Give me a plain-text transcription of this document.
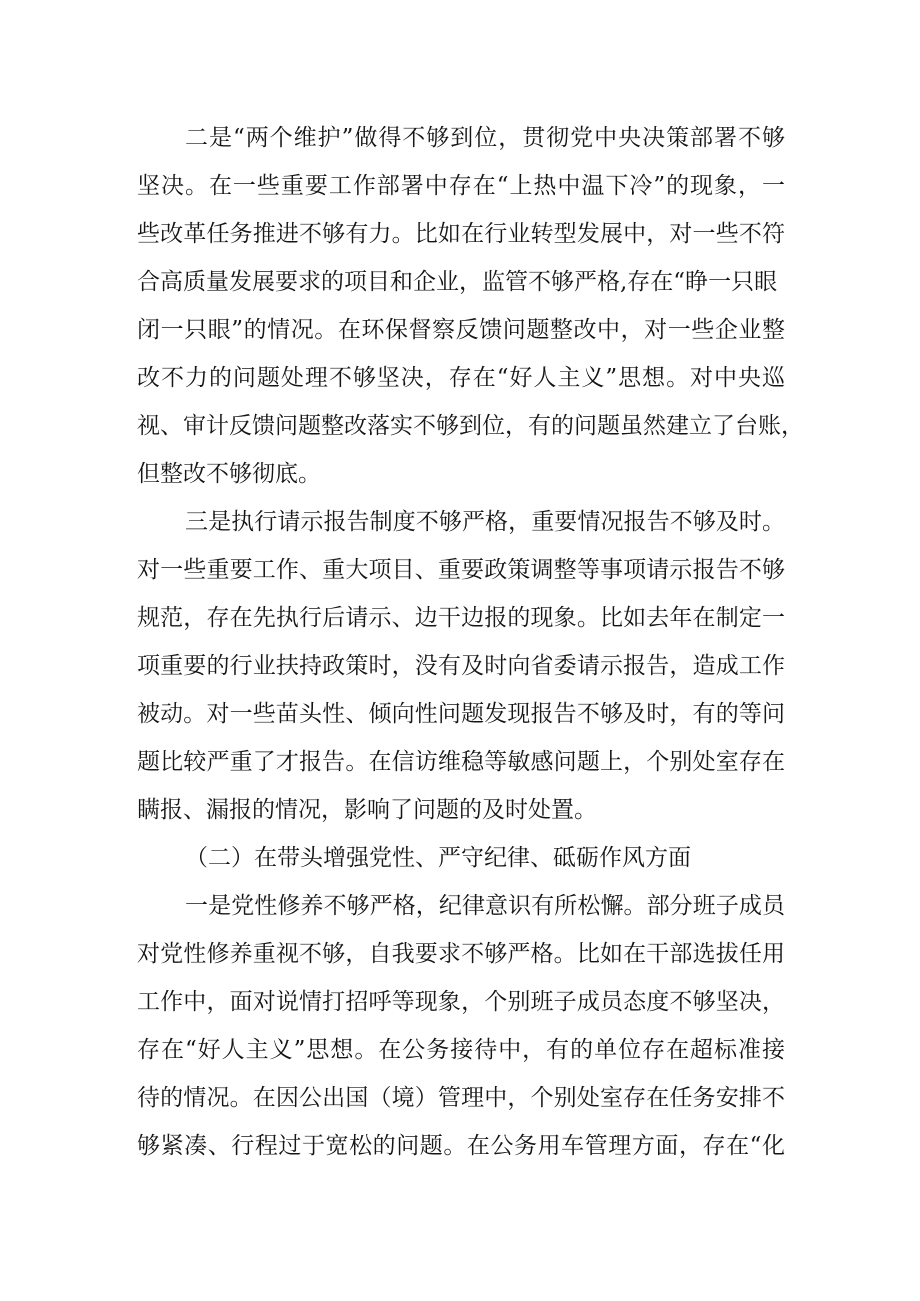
二是“两个维护”做得不够到位，贯彻党中央决策部署不够
坚决。在一些重要工作部署中存在“上热中温下冷”的现象，一
些改革任务推进不够有力。比如在行业转型发展中，对一些不符
合高质量发展要求的项目和企业，监管不够严格,存在“睁一只眼
闭一只眼”的情况。在环保督察反馈问题整改中，对一些企业整
改不力的问题处理不够坚决，存在“好人主义”思想。对中央巡
视、审计反馈问题整改落实不够到位，有的问题虽然建立了台账，
但整改不够彻底。
三是执行请示报告制度不够严格，重要情况报告不够及时。
对一些重要工作、重大项目、重要政策调整等事项请示报告不够
规范，存在先执行后请示、边干边报的现象。比如去年在制定一
项重要的行业扶持政策时，没有及时向省委请示报告，造成工作
被动。对一些苗头性、倾向性问题发现报告不够及时，有的等问
题比较严重了才报告。在信访维稳等敏感问题上，个别处室存在
瞒报、漏报的情况，影响了问题的及时处置。
（二）在带头增强党性、严守纪律、砥砺作风方面
一是党性修养不够严格，纪律意识有所松懈。部分班子成员
对党性修养重视不够，自我要求不够严格。比如在干部选拔任用
工作中，面对说情打招呼等现象，个别班子成员态度不够坚决，
存在“好人主义”思想。在公务接待中，有的单位存在超标准接
待的情况。在因公出国（境）管理中，个别处室存在任务安排不
够紧凑、行程过于宽松的问题。在公务用车管理方面，存在“化
